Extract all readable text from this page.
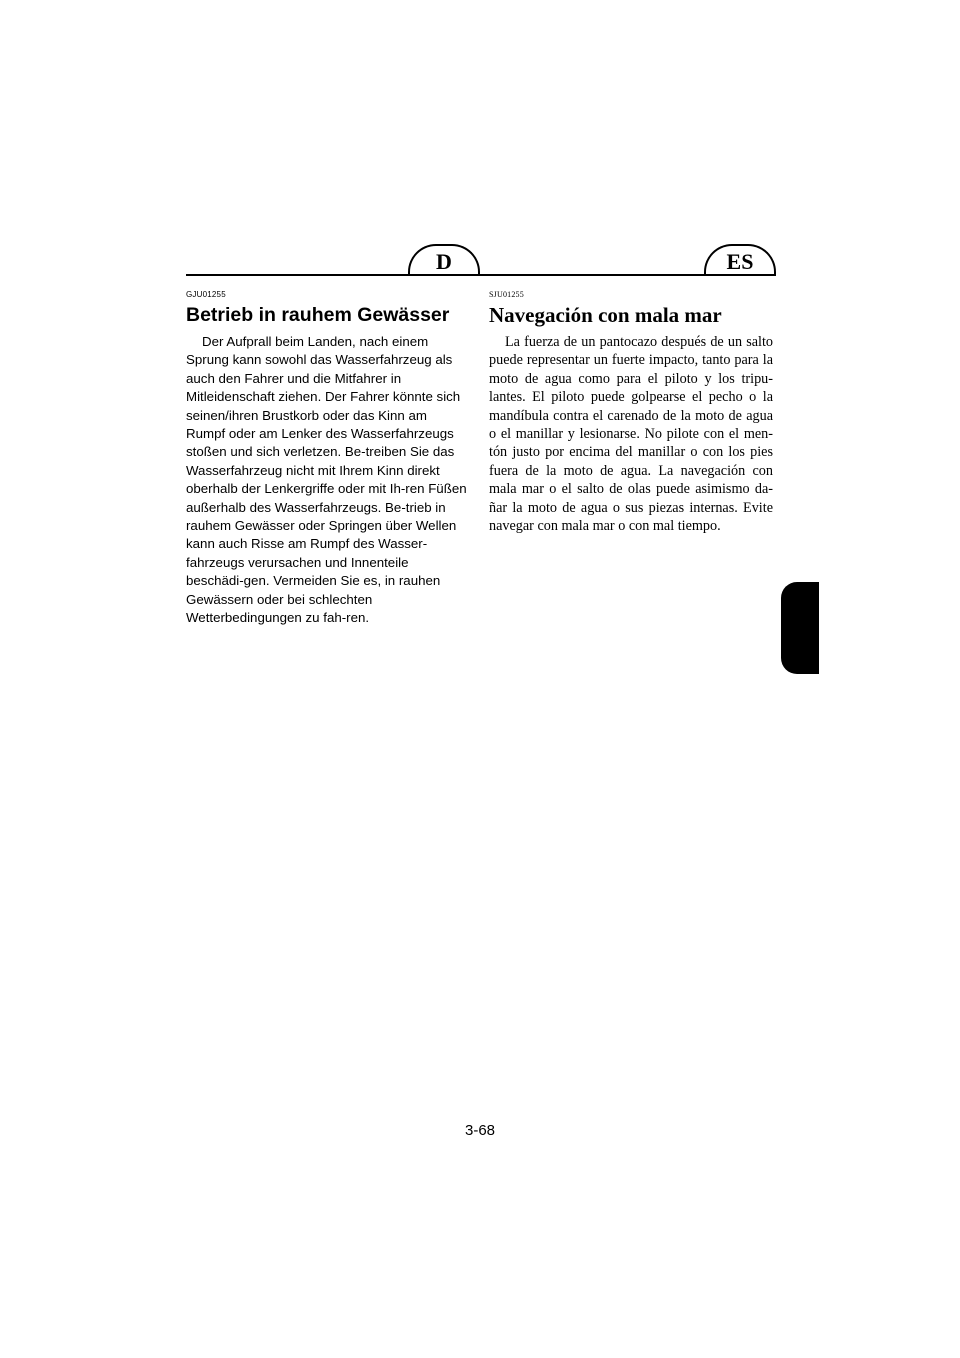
D	ES

GJU01255

Betrieb in rauhem Gewässer

Der Aufprall beim Landen, nach einem Sprung kann sowohl das Wasserfahrzeug als auch den Fahrer und die Mitfahrer in Mitleidenschaft ziehen. Der Fahrer könnte sich seinen/ihren Brustkorb oder das Kinn am Rumpf oder am Lenker des Wasserfahrzeugs stoßen und sich verletzen. Be-treiben Sie das Wasserfahrzeug nicht mit Ihrem Kinn direkt oberhalb der Lenkergriffe oder mit Ih-ren Füßen außerhalb des Wasserfahrzeugs. Be-trieb in rauhem Gewässer oder Springen über Wellen kann auch Risse am Rumpf des Wasser-fahrzeugs verursachen und Innenteile beschädi-gen. Vermeiden Sie es, in rauhen Gewässern oder bei schlechten Wetterbedingungen zu fah-ren.

SJU01255

Navegación con mala mar

La fuerza de un pantocazo después de un salto puede representar un fuerte impacto, tanto para la moto de agua como para el piloto y los tripu-lantes. El piloto puede golpearse el pecho o la mandíbula contra el carenado de la moto de agua o el manillar y lesionarse. No pilote con el men-tón justo por encima del manillar o con los pies fuera de la moto de agua. La navegación con mala mar o el salto de olas puede asimismo da-ñar la moto de agua o sus piezas internas. Evite navegar con mala mar o con mal tiempo.

3-68
